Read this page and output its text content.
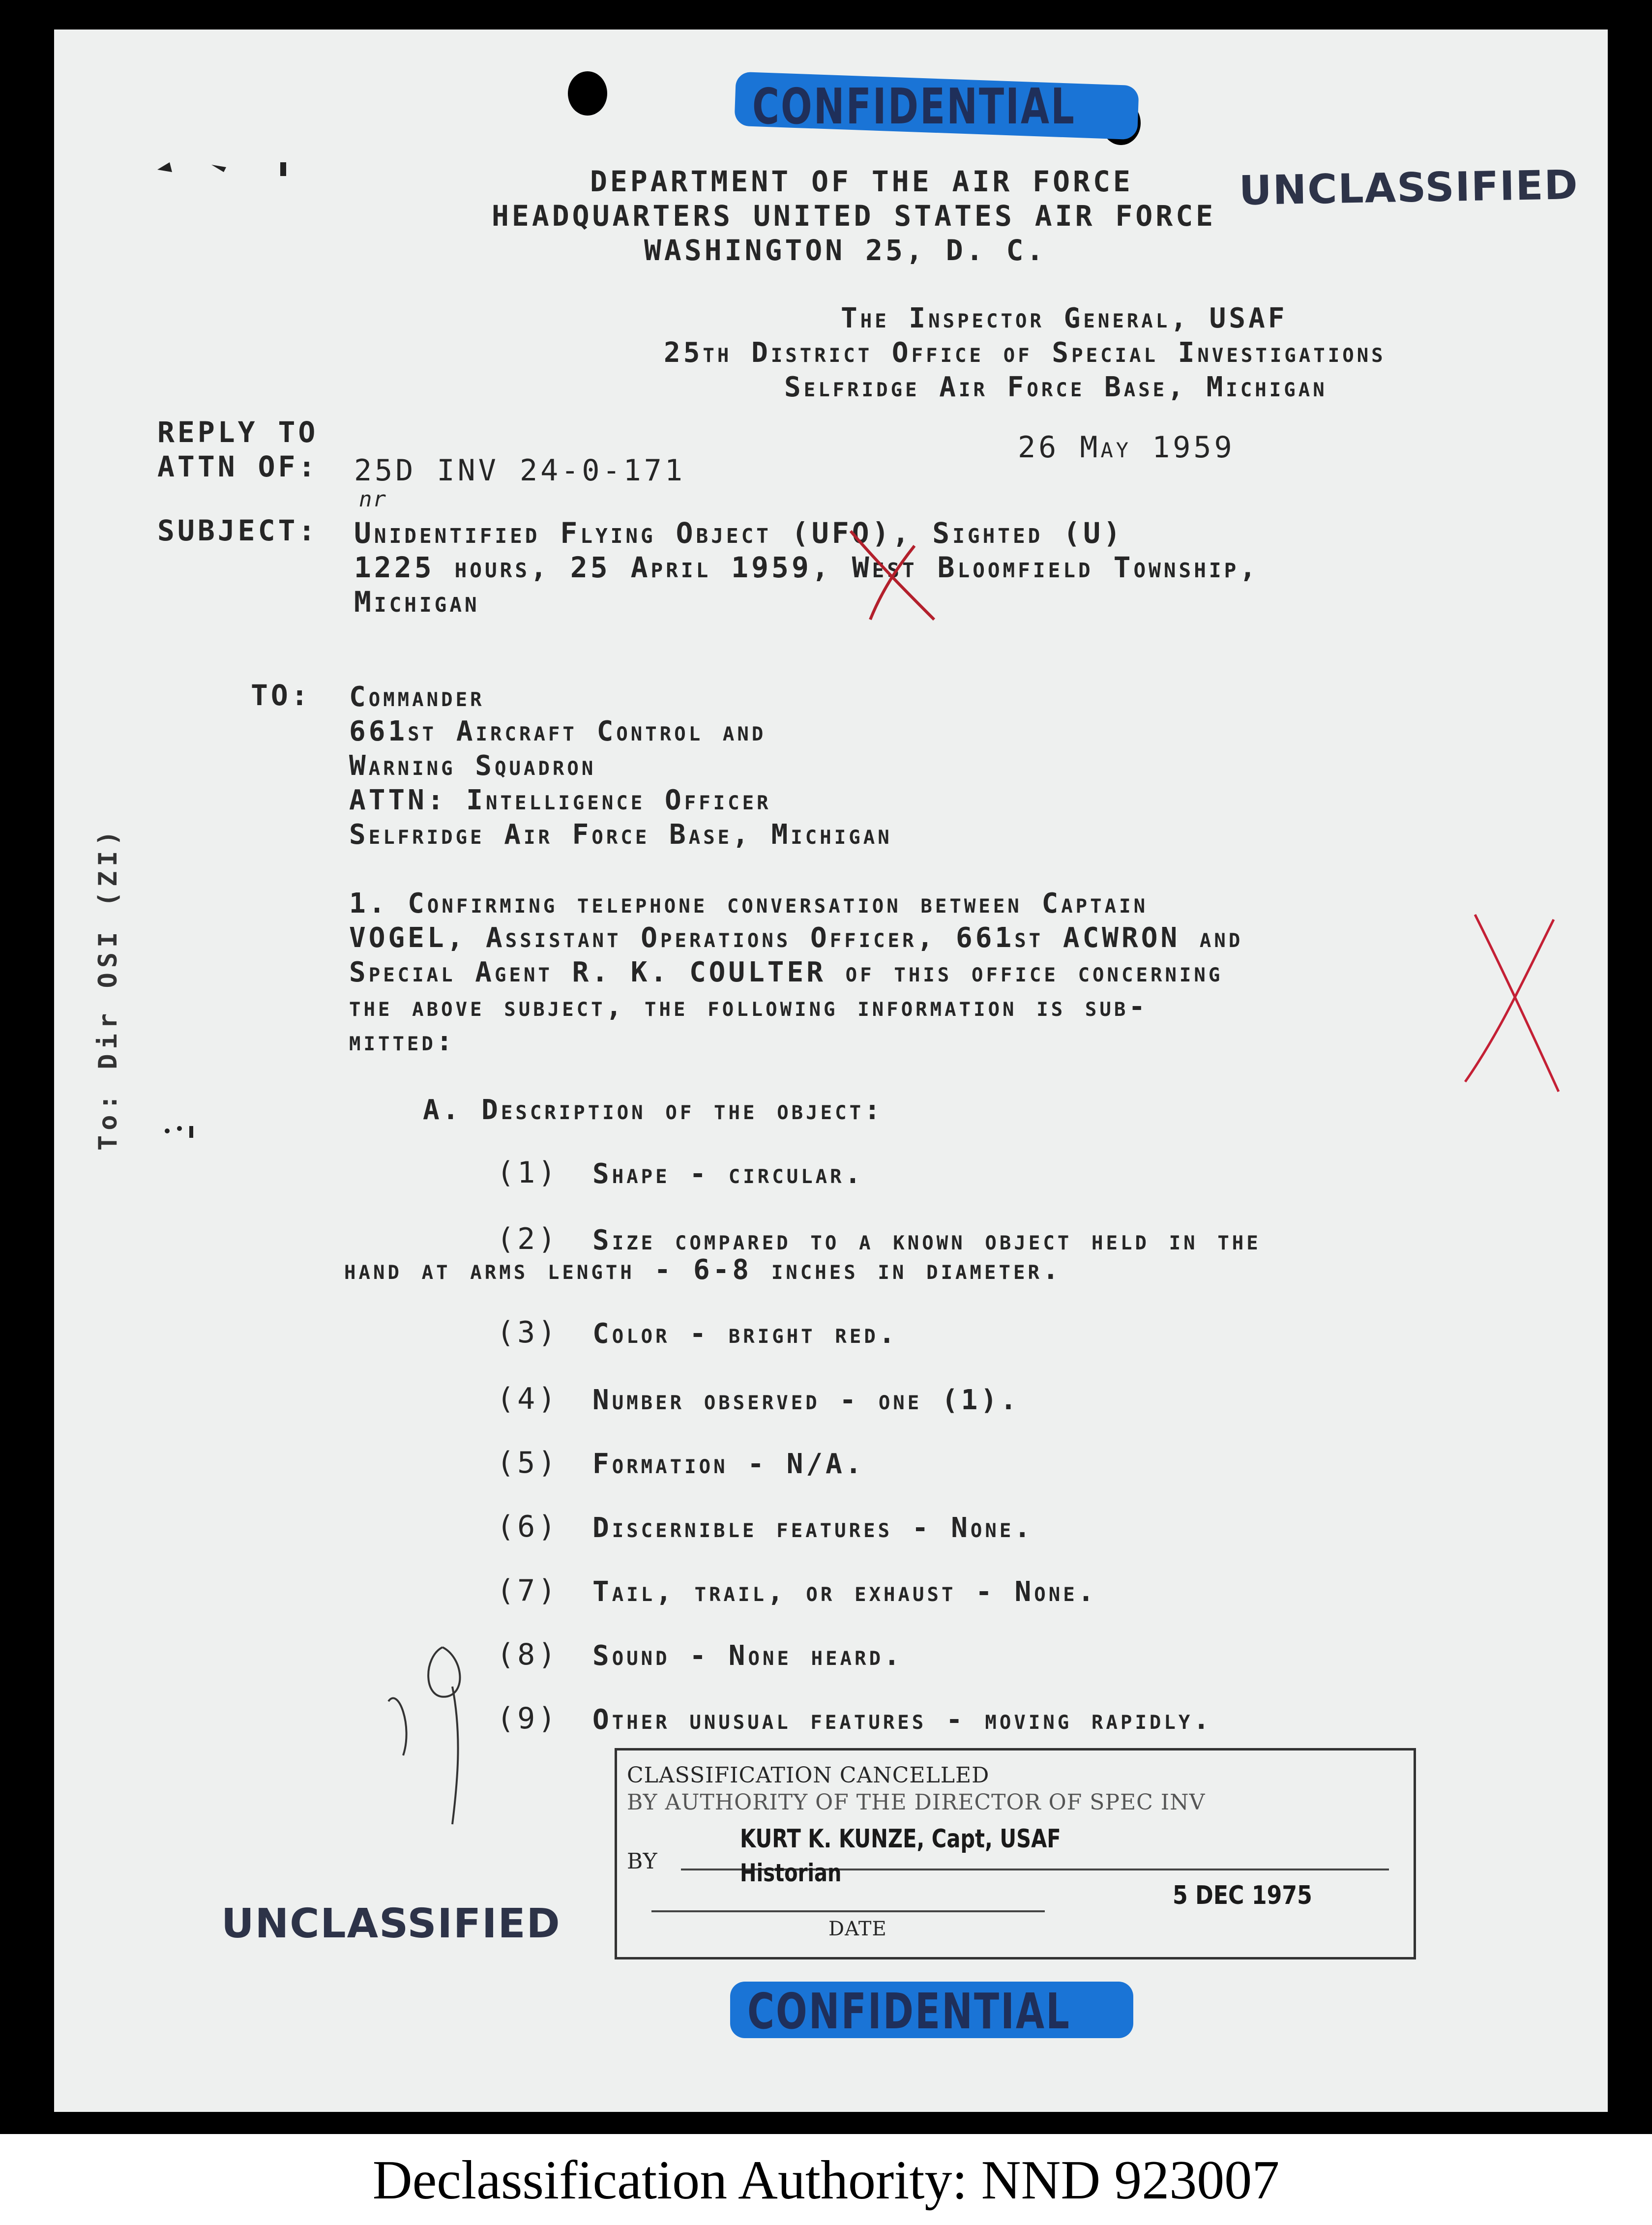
CONFIDENTIAL
DEPARTMENT OF THE AIR FORCE
HEADQUARTERS UNITED STATES AIR FORCE
WASHINGTON 25, D. C.
UNCLASSIFIED
The Inspector General, USAF
25th District Office of Special Investigations
Selfridge Air Force Base, Michigan
REPLY TO
ATTN OF: 25D INV 24-0-171
26 May 1959
SUBJECT:
nr
Unidentified Flying Object (UFO), Sighted (U)
1225 hours, 25 April 1959, West Bloomfield Township,
Michigan
TO: Commander
661st Aircraft Control and
Warning Squadron
ATTN: Intelligence Officer
Selfridge Air Force Base, Michigan
1. Confirming telephone conversation between Captain
VOGEL, Assistant Operations Officer, 661st ACWRON and
Special Agent R. K. COULTER of this office concerning
the above subject, the following information is sub-
mitted:
A. Description of the object:
(1) Shape - circular.
(2) Size compared to a known object held in the
hand at arms length - 6-8 inches in diameter.
(3) Color - bright red.
(4) Number observed - one (1).
(5) Formation - N/A.
(6) Discernible features - None.
(7) Tail, trail, or exhaust - None.
(8) Sound - None heard.
(9) Other unusual features - moving rapidly.
To: Dir OSI (ZI)
CLASSIFICATION CANCELLED
BY AUTHORITY OF THE DIRECTOR OF SPEC INV
BY
KURT K. KUNZE, Capt, USAF
Historian
DATE
5 DEC 1975
UNCLASSIFIED
CONFIDENTIAL
Declassification Authority: NND 923007
